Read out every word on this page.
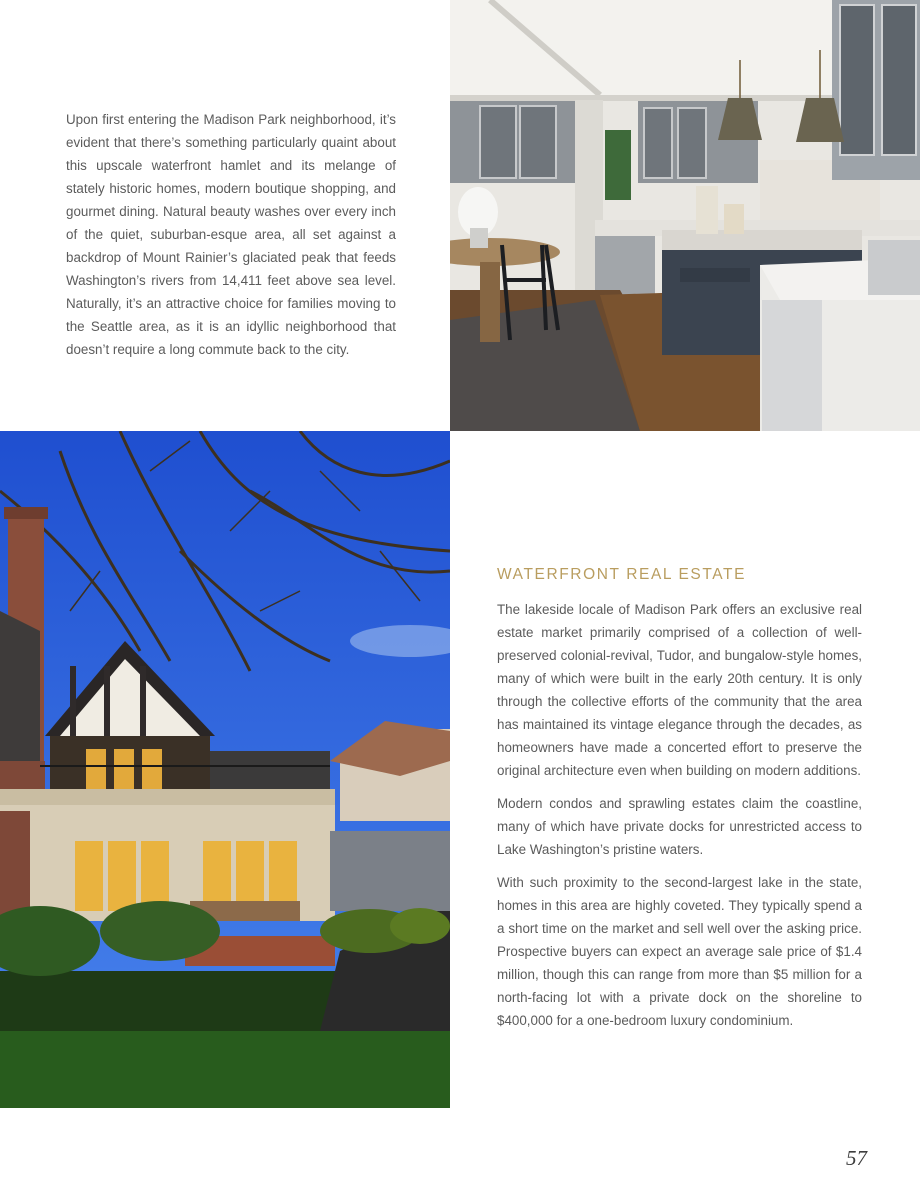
Upon first entering the Madison Park neighborhood, it’s evident that there’s something particularly quaint about this upscale waterfront hamlet and its melange of stately historic homes, modern boutique shopping, and gourmet dining. Natural beauty washes over every inch of the quiet, suburban-esque area, all set against a backdrop of Mount Rainier’s glaciated peak that feeds Washington’s rivers from 14,411 feet above sea level. Naturally, it’s an attractive choice for families moving to the Seattle area, as it is an idyllic neighborhood that doesn’t require a long commute back to the city.

WATERFRONT REAL ESTATE

The lakeside locale of Madison Park offers an exclusive real estate market primarily comprised of a collection of well-preserved colonial-revival, Tudor, and bungalow-style homes, many of which were built in the early 20th century. It is only through the collective efforts of the community that the area has maintained its vintage elegance through the decades, as homeowners have made a concerted effort to preserve the original architecture even when building on modern additions.

Modern condos and sprawling estates claim the coastline, many of which have private docks for unrestricted access to Lake Washington’s pristine waters.

With such proximity to the second-largest lake in the state, homes in this area are highly coveted. They typically spend a a short time on the market and sell well over the asking price. Prospective buyers can expect an average sale price of $1.4 million, though this can range from more than $5 million for a north-facing lot with a private dock on the shoreline to $400,000 for a one-bedroom luxury condominium.

57
